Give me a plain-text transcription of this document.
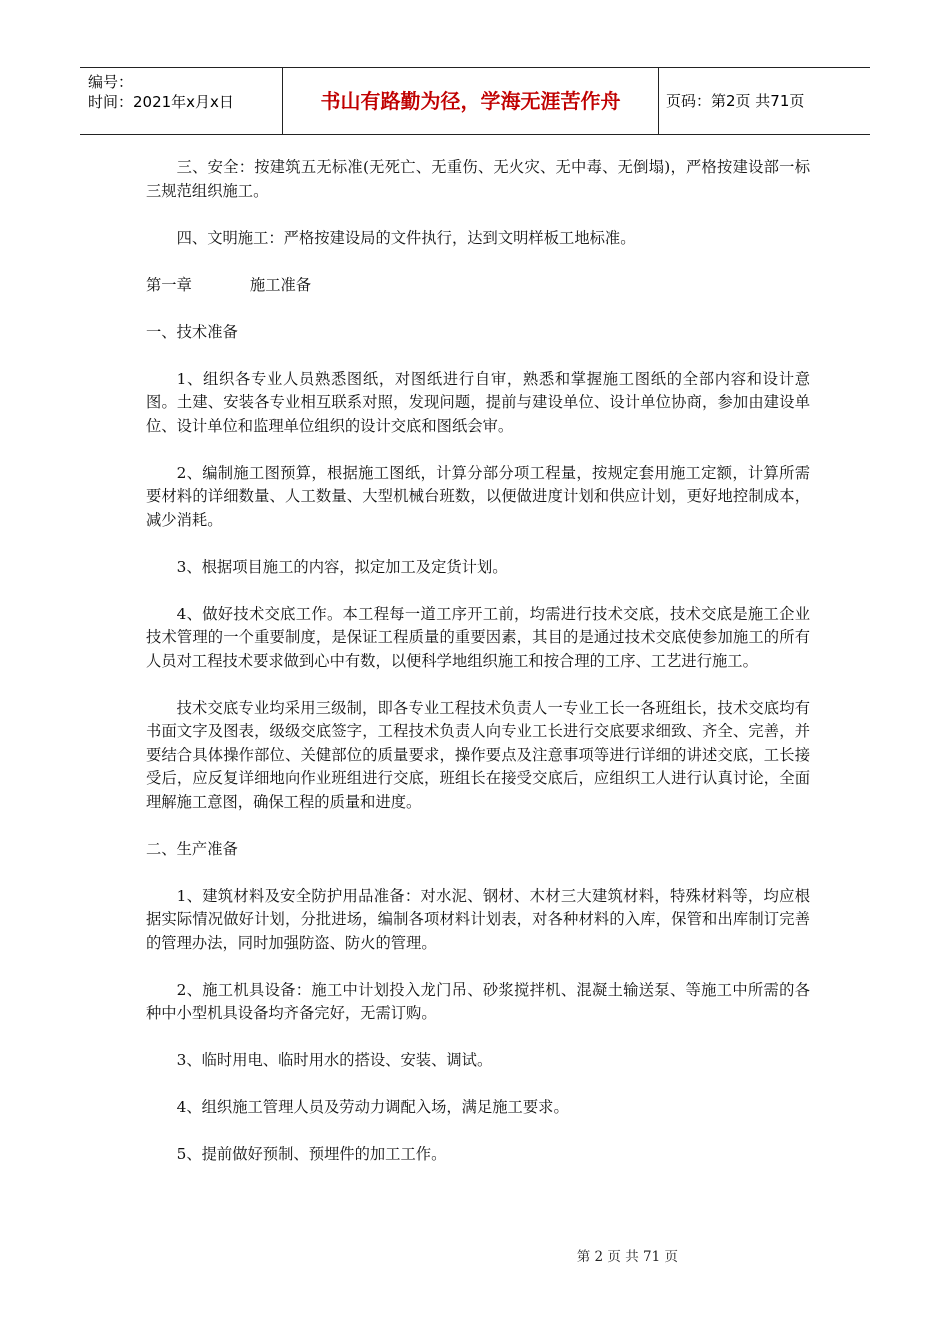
编号：
时间：2021年x月x日	书山有路勤为径，学海无涯苦作舟	页码：第2页 共71页

三、安全：按建筑五无标准(无死亡、无重伤、无火灾、无中毒、无倒塌)，严格按建设部一标三规范组织施工。

四、文明施工：严格按建设局的文件执行，达到文明样板工地标准。

第一章	施工准备

一、技术准备

1、组织各专业人员熟悉图纸，对图纸进行自审，熟悉和掌握施工图纸的全部内容和设计意图。土建、安装各专业相互联系对照，发现问题，提前与建设单位、设计单位协商，参加由建设单位、设计单位和监理单位组织的设计交底和图纸会审。

2、编制施工图预算，根据施工图纸，计算分部分项工程量，按规定套用施工定额，计算所需要材料的详细数量、人工数量、大型机械台班数，以便做进度计划和供应计划，更好地控制成本，减少消耗。

3、根据项目施工的内容，拟定加工及定货计划。

4、做好技术交底工作。本工程每一道工序开工前，均需进行技术交底，技术交底是施工企业技术管理的一个重要制度，是保证工程质量的重要因素，其目的是通过技术交底使参加施工的所有人员对工程技术要求做到心中有数，以便科学地组织施工和按合理的工序、工艺进行施工。

技术交底专业均采用三级制，即各专业工程技术负责人一专业工长一各班组长，技术交底均有书面文字及图表，级级交底签字，工程技术负责人向专业工长进行交底要求细致、齐全、完善，并要结合具体操作部位、关健部位的质量要求，操作要点及注意事项等进行详细的讲述交底，工长接受后，应反复详细地向作业班组进行交底，班组长在接受交底后，应组织工人进行认真讨论，全面理解施工意图，确保工程的质量和进度。

二、生产准备

1、建筑材料及安全防护用品准备：对水泥、钢材、木材三大建筑材料，特殊材料等，均应根据实际情况做好计划，分批进场，编制各项材料计划表，对各种材料的入库，保管和出库制订完善的管理办法，同时加强防盗、防火的管理。

2、施工机具设备：施工中计划投入龙门吊、砂浆搅拌机、混凝土输送泵、等施工中所需的各种中小型机具设备均齐备完好，无需订购。

3、临时用电、临时用水的搭设、安装、调试。

4、组织施工管理人员及劳动力调配入场，满足施工要求。

5、提前做好预制、预埋件的加工工作。

第 2 页 共 71 页
